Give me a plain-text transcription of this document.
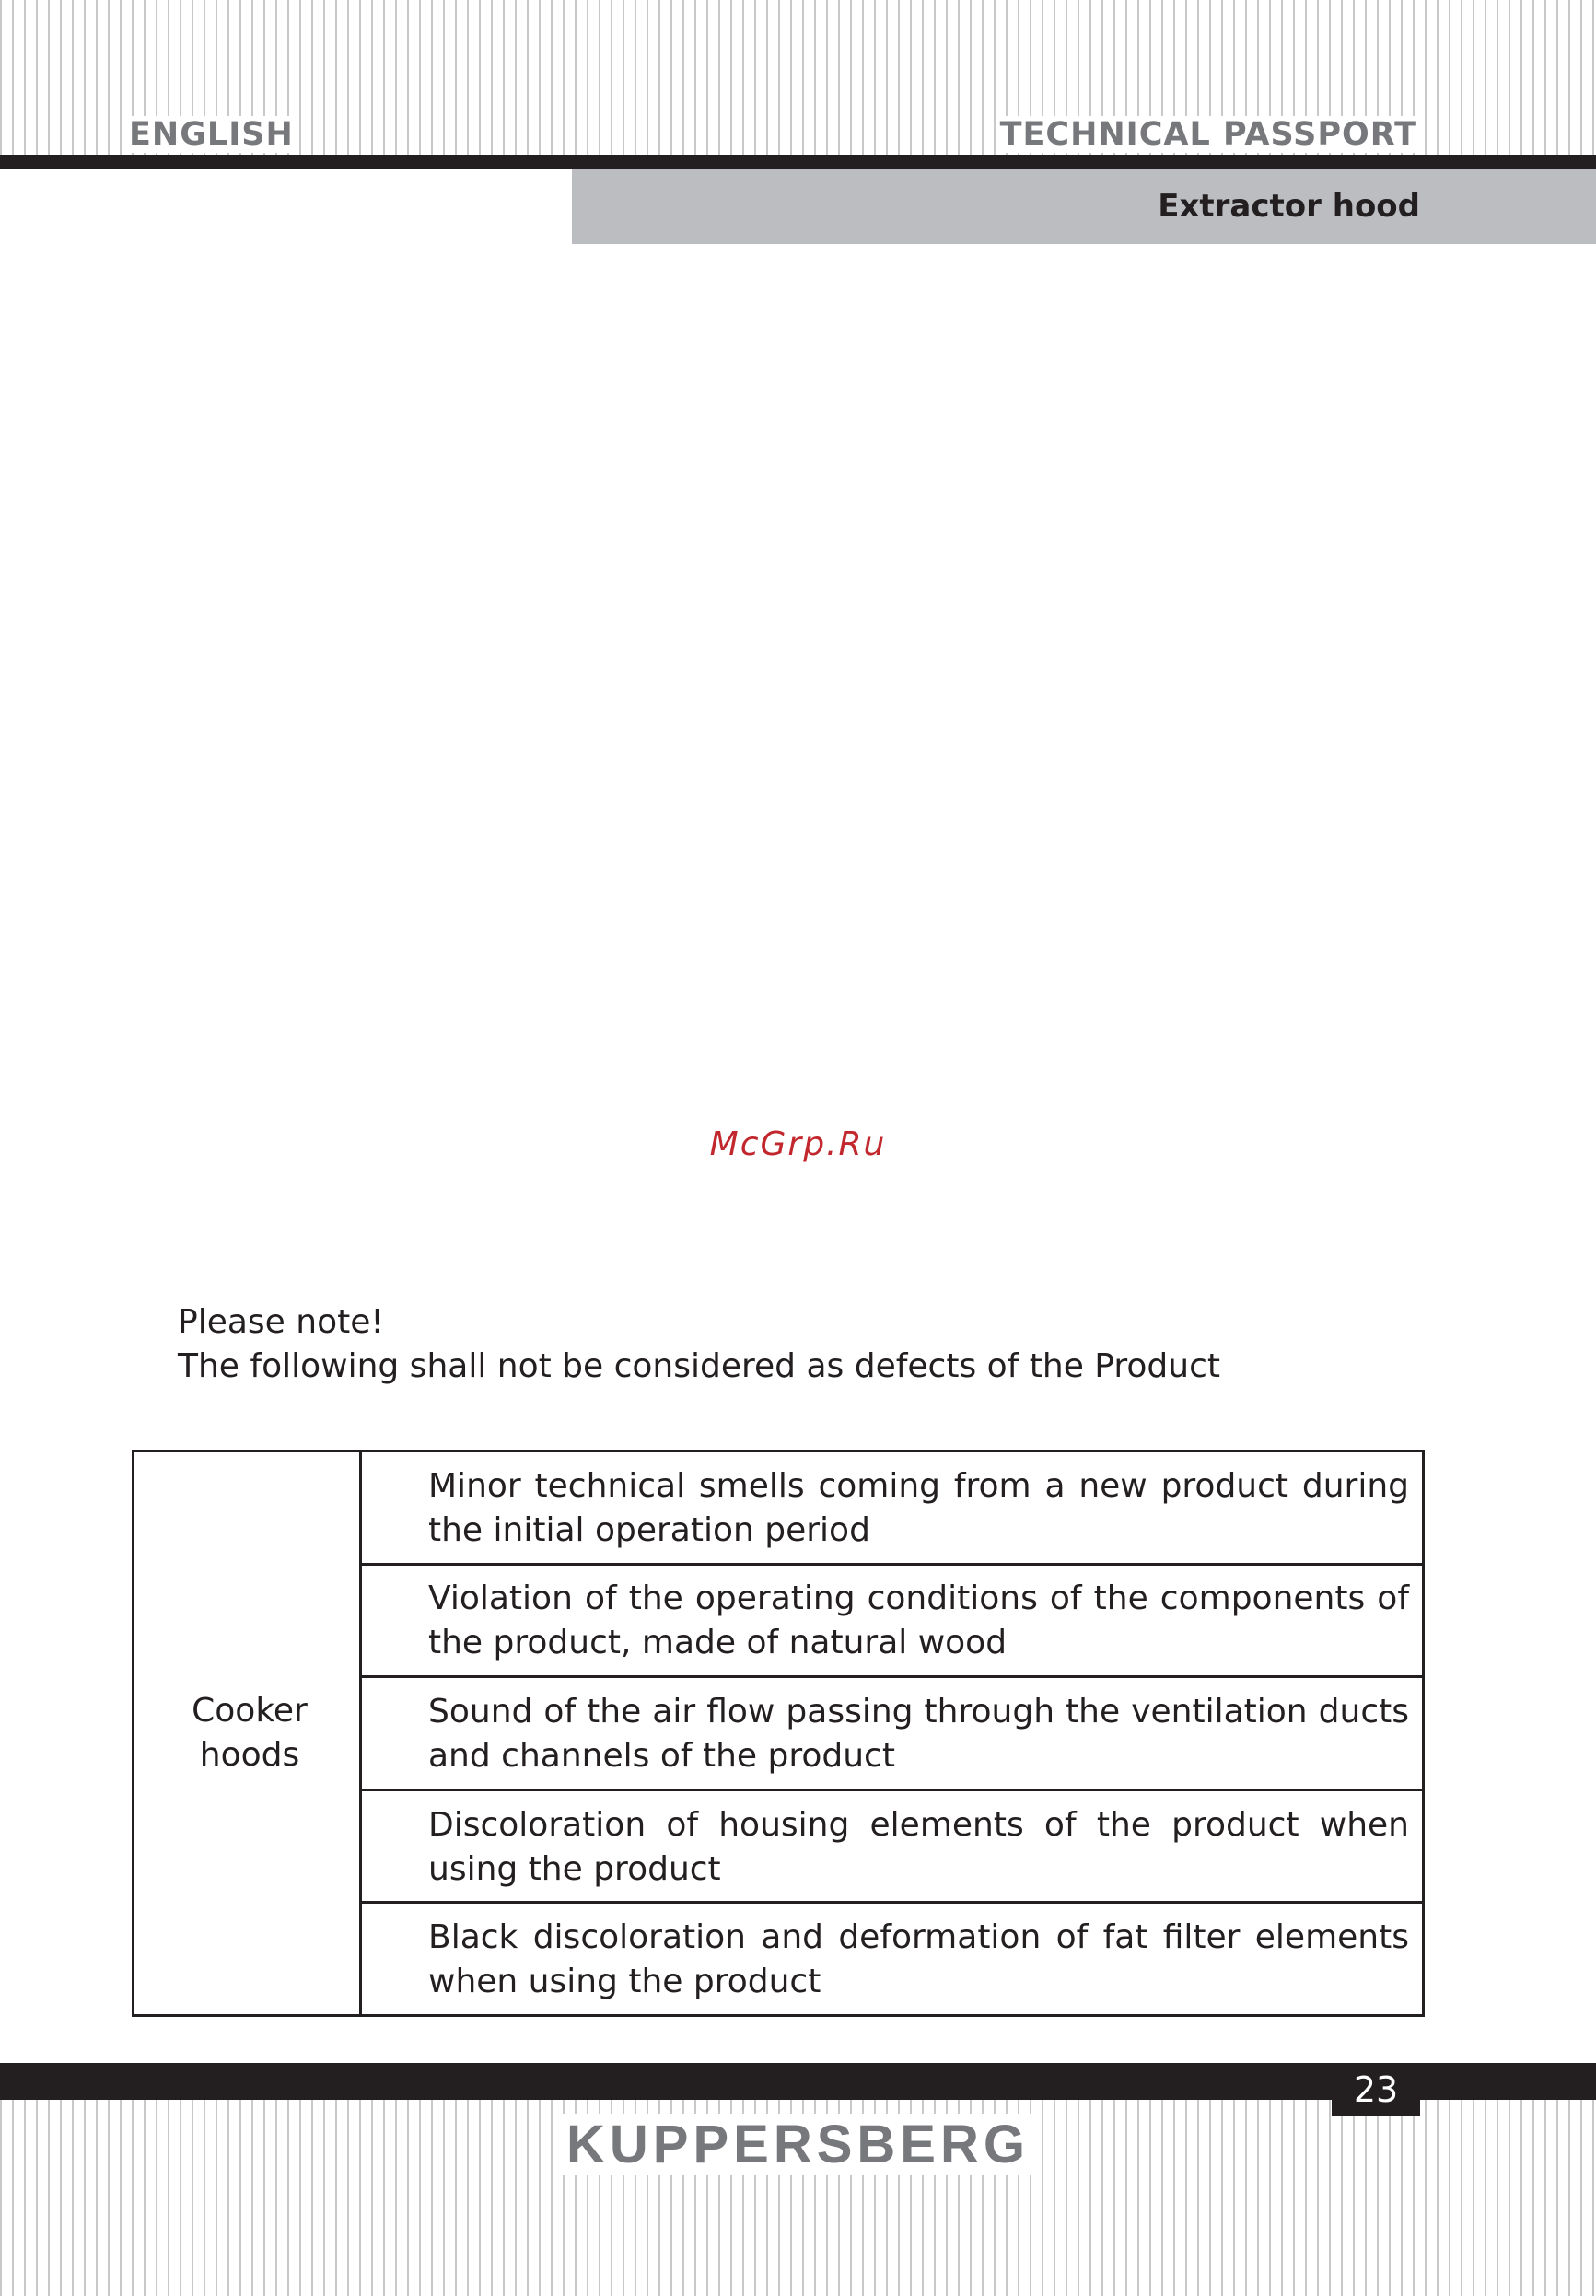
ENGLISH	TECHNICAL PASSPORT
Extractor hood
McGrp.Ru
Please note!
The following shall not be considered as defects of the Product
Cooker hoods	Minor technical smells coming from a new product during the initial operation period
Violation of the operating conditions of the components of the product, made of natural wood
Sound of the air flow passing through the ventilation ducts and channels of the product
Discoloration of housing elements of the product when using the product
Black discoloration and deformation of fat filter elements when using the product
23
KUPPERSBERG
